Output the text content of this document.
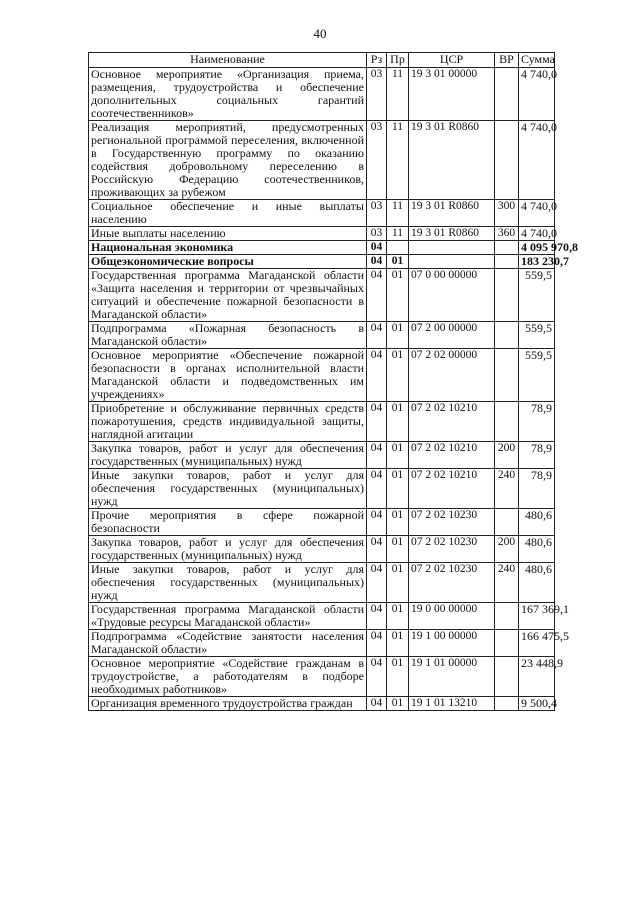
40
Наименование	Рз	Пр	ЦСР	ВР	Сумма
Основное мероприятие «Организация приема, размещения, трудоустройства и обеспечение дополнительных социальных гарантий соотечественников»	03	11	19 3 01 00000		4 740,0
Реализация мероприятий, предусмотренных региональной программой переселения, включенной в Государственную программу по оказанию содействия добровольному переселению в Российскую Федерацию соотечественников, проживающих за рубежом	03	11	19 3 01 R0860		4 740,0
Социальное обеспечение и иные выплаты населению	03	11	19 3 01 R0860	300	4 740,0
Иные выплаты населению	03	11	19 3 01 R0860	360	4 740,0
Национальная экономика	04				4 095 970,8
Общеэкономические вопросы	04	01			183 230,7
Государственная программа Магаданской области «Защита населения и территории от чрезвычайных ситуаций и обеспечение пожарной безопасности в Магаданской области»	04	01	07 0 00 00000		559,5
Подпрограмма «Пожарная безопасность в Магаданской области»	04	01	07 2 00 00000		559,5
Основное мероприятие «Обеспечение пожарной безопасности в органах исполнительной власти Магаданской области и подведомственных им учреждениях»	04	01	07 2 02 00000		559,5
Приобретение и обслуживание первичных средств пожаротушения, средств индивидуальной защиты, наглядной агитации	04	01	07 2 02 10210		78,9
Закупка товаров, работ и услуг для обеспечения государственных (муниципальных) нужд	04	01	07 2 02 10210	200	78,9
Иные закупки товаров, работ и услуг для обеспечения государственных (муниципальных) нужд	04	01	07 2 02 10210	240	78,9
Прочие мероприятия в сфере пожарной безопасности	04	01	07 2 02 10230		480,6
Закупка товаров, работ и услуг для обеспечения государственных (муниципальных) нужд	04	01	07 2 02 10230	200	480,6
Иные закупки товаров, работ и услуг для обеспечения государственных (муниципальных) нужд	04	01	07 2 02 10230	240	480,6
Государственная программа Магаданской области «Трудовые ресурсы Магаданской области»	04	01	19 0 00 00000		167 369,1
Подпрограмма «Содействие занятости населения Магаданской области»	04	01	19 1 00 00000		166 475,5
Основное мероприятие «Содействие гражданам в трудоустройстве, а работодателям в подборе необходимых работников»	04	01	19 1 01 00000		23 448,9
Организация временного трудоустройства граждан	04	01	19 1 01 13210		9 500,4
